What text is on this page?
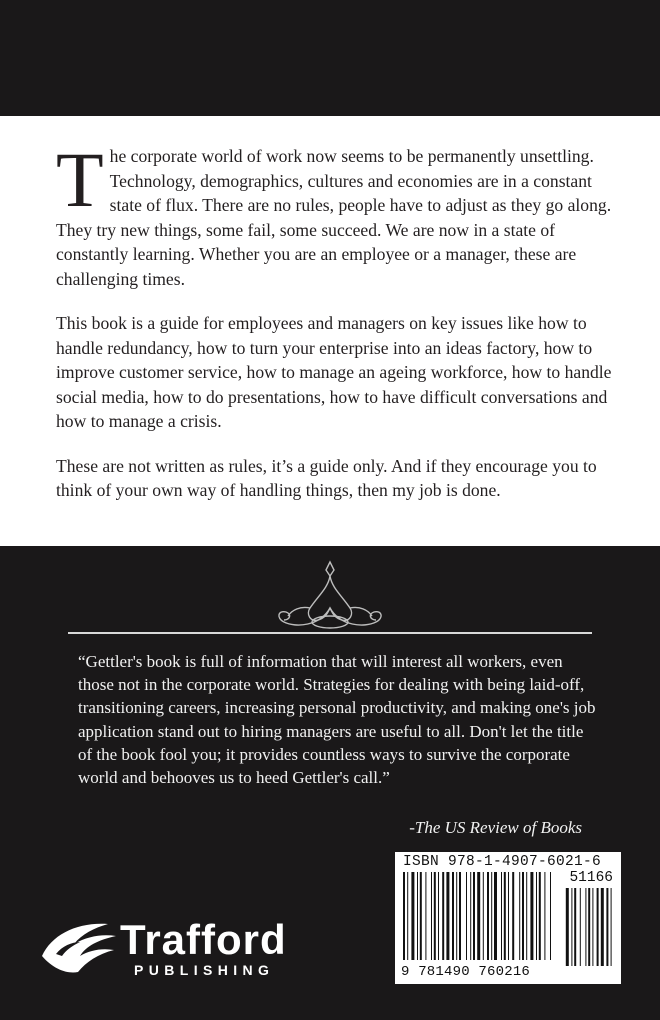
The corporate world of work now seems to be permanently unsettling. Technology, demographics, cultures and economies are in a constant state of flux. There are no rules, people have to adjust as they go along. They try new things, some fail, some succeed. We are now in a state of constantly learning. Whether you are an employee or a manager, these are challenging times.

This book is a guide for employees and managers on key issues like how to handle redundancy, how to turn your enterprise into an ideas factory, how to improve customer service, how to manage an ageing workforce, how to handle social media, how to do presentations, how to have difficult conversations and how to manage a crisis.

These are not written as rules, it’s a guide only. And if they encourage you to think of your own way of handling things, then my job is done.

“Gettler's book is full of information that will interest all workers, even those not in the corporate world. Strategies for dealing with being laid-off, transitioning careers, increasing personal productivity, and making one's job application stand out to hiring managers are useful to all. Don't let the title of the book fool you; it provides countless ways to survive the corporate world and behooves us to heed Gettler's call.”

-The US Review of Books
Trafford
PUBLISHING
ISBN 978-1-4907-6021-6
51166
9 781490 760216
